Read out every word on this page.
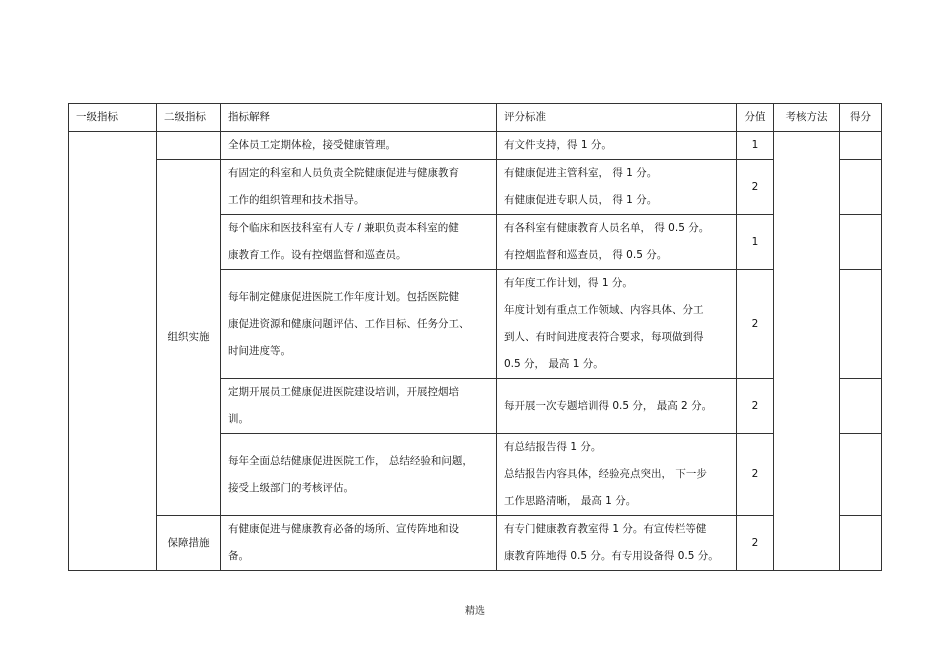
一级指标	二级指标	指标解释	评分标准	分值	考核方法	得分
		全体员工定期体检，接受健康管理。	有文件支持，得 1 分。	1		
	组织实施	有固定的科室和人员负责全院健康促进与健康教育
工作的组织管理和技术指导。	有健康促进主管科室， 得 1 分。
有健康促进专职人员， 得 1 分。	2		
		每个临床和医技科室有人专 / 兼职负责本科室的健
康教育工作。设有控烟监督和巡查员。	有各科室有健康教育人员名单， 得 0.5 分。
有控烟监督和巡查员， 得 0.5 分。	1		
		每年制定健康促进医院工作年度计划。包括医院健
康促进资源和健康问题评估、工作目标、任务分工、
时间进度等。	有年度工作计划，得 1 分。
年度计划有重点工作领域、内容具体、分工
到人、有时间进度表符合要求，每项做到得
0.5 分， 最高 1 分。	2		
		定期开展员工健康促进医院建设培训，开展控烟培
训。	每开展一次专题培训得 0.5 分， 最高 2 分。	2		
		每年全面总结健康促进医院工作， 总结经验和问题，
接受上级部门的考核评估。	有总结报告得 1 分。
总结报告内容具体，经验亮点突出， 下一步
工作思路清晰， 最高 1 分。	2		
	保障措施	有健康促进与健康教育必备的场所、宣传阵地和设
备。	有专门健康教育教室得 1 分。有宣传栏等健
康教育阵地得 0.5 分。有专用设备得 0.5 分。	2		
精选
